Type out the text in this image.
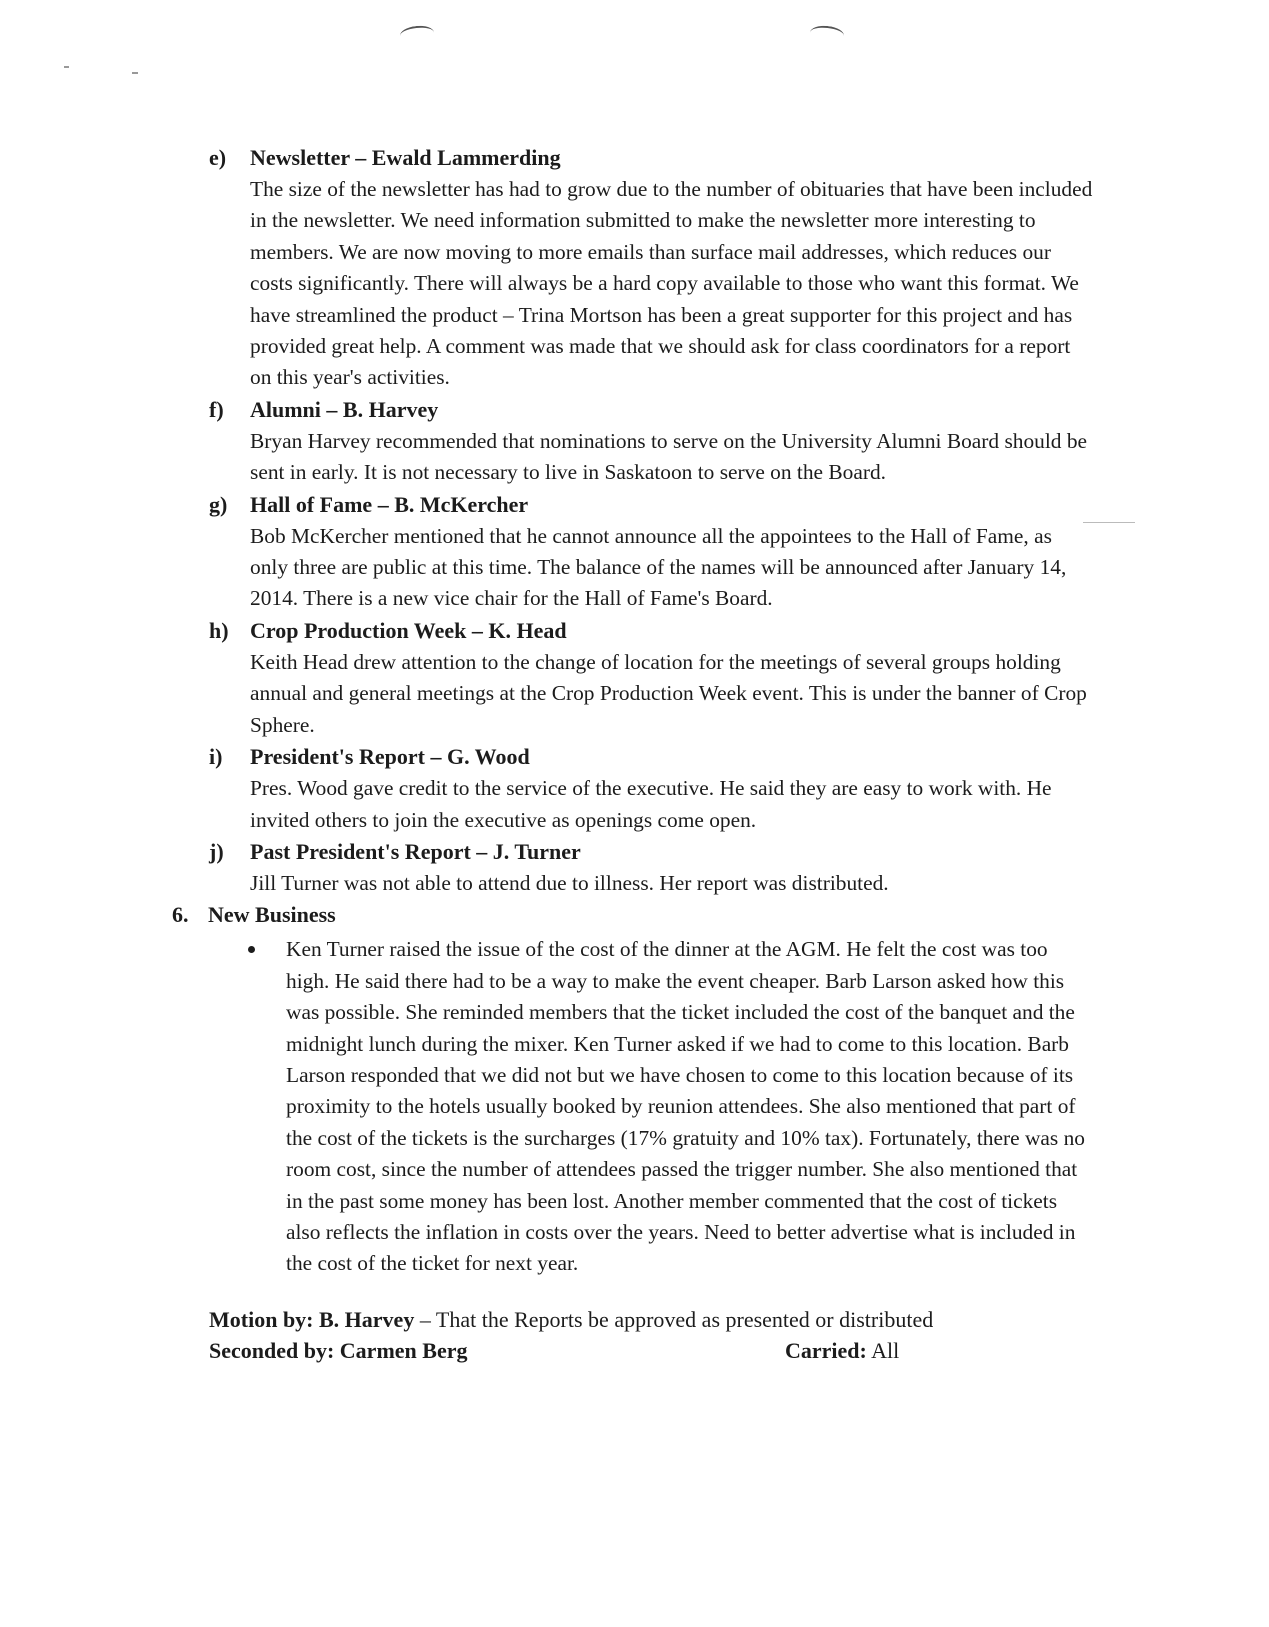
e) Newsletter – Ewald Lammerding
The size of the newsletter has had to grow due to the number of obituaries that have been included in the newsletter. We need information submitted to make the newsletter more interesting to members. We are now moving to more emails than surface mail addresses, which reduces our costs significantly. There will always be a hard copy available to those who want this format. We have streamlined the product – Trina Mortson has been a great supporter for this project and has provided great help. A comment was made that we should ask for class coordinators for a report on this year's activities.
f) Alumni – B. Harvey
Bryan Harvey recommended that nominations to serve on the University Alumni Board should be sent in early. It is not necessary to live in Saskatoon to serve on the Board.
g) Hall of Fame – B. McKercher
Bob McKercher mentioned that he cannot announce all the appointees to the Hall of Fame, as only three are public at this time. The balance of the names will be announced after January 14, 2014. There is a new vice chair for the Hall of Fame's Board.
h) Crop Production Week – K. Head
Keith Head drew attention to the change of location for the meetings of several groups holding annual and general meetings at the Crop Production Week event. This is under the banner of Crop Sphere.
i) President's Report – G. Wood
Pres. Wood gave credit to the service of the executive. He said they are easy to work with. He invited others to join the executive as openings come open.
j) Past President's Report – J. Turner
Jill Turner was not able to attend due to illness. Her report was distributed.
6. New Business
Ken Turner raised the issue of the cost of the dinner at the AGM. He felt the cost was too high. He said there had to be a way to make the event cheaper. Barb Larson asked how this was possible. She reminded members that the ticket included the cost of the banquet and the midnight lunch during the mixer. Ken Turner asked if we had to come to this location. Barb Larson responded that we did not but we have chosen to come to this location because of its proximity to the hotels usually booked by reunion attendees. She also mentioned that part of the cost of the tickets is the surcharges (17% gratuity and 10% tax). Fortunately, there was no room cost, since the number of attendees passed the trigger number. She also mentioned that in the past some money has been lost. Another member commented that the cost of tickets also reflects the inflation in costs over the years. Need to better advertise what is included in the cost of the ticket for next year.
Motion by: B. Harvey – That the Reports be approved as presented or distributed
Seconded by: Carmen Berg	Carried: All
